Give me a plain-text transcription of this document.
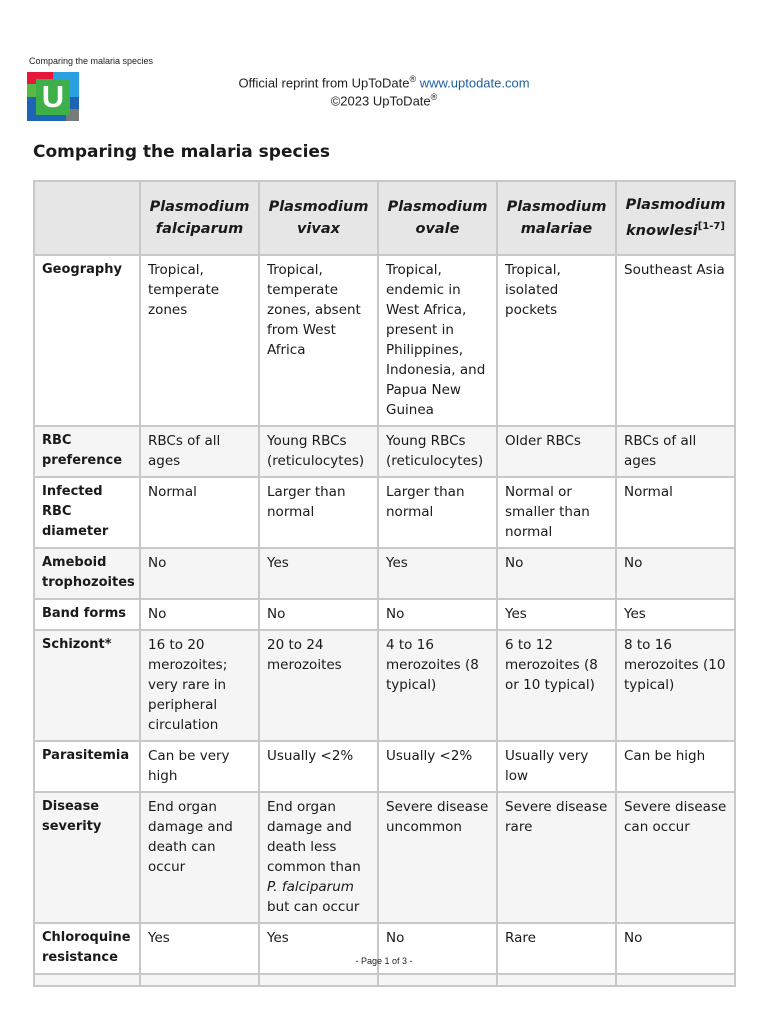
Comparing the malaria species
U	Official reprint from UpToDate® www.uptodate.com
©2023 UpToDate®
Comparing the malaria species
	Plasmodium falciparum	Plasmodium vivax	Plasmodium ovale	Plasmodium malariae	Plasmodium knowlesi[1-7]
Geography	Tropical, temperate zones	Tropical, temperate zones, absent from West Africa	Tropical, endemic in West Africa, present in Philippines, Indonesia, and Papua New Guinea	Tropical, isolated pockets	Southeast Asia
RBC preference	RBCs of all ages	Young RBCs (reticulocytes)	Young RBCs (reticulocytes)	Older RBCs	RBCs of all ages
Infected RBC diameter	Normal	Larger than normal	Larger than normal	Normal or smaller than normal	Normal
Ameboid trophozoites	No	Yes	Yes	No	No
Band forms	No	No	No	Yes	Yes
Schizont*	16 to 20 merozoites; very rare in peripheral circulation	20 to 24 merozoites	4 to 16 merozoites (8 typical)	6 to 12 merozoites (8 or 10 typical)	8 to 16 merozoites (10 typical)
Parasitemia	Can be very high	Usually <2%	Usually <2%	Usually very low	Can be high
Disease severity	End organ damage and death can occur	End organ damage and death less common than
P. falciparum
but can occur	Severe disease uncommon	Severe disease rare	Severe disease can occur
Chloroquine resistance	Yes	Yes	No	Rare	No

- Page 1 of 3 -
